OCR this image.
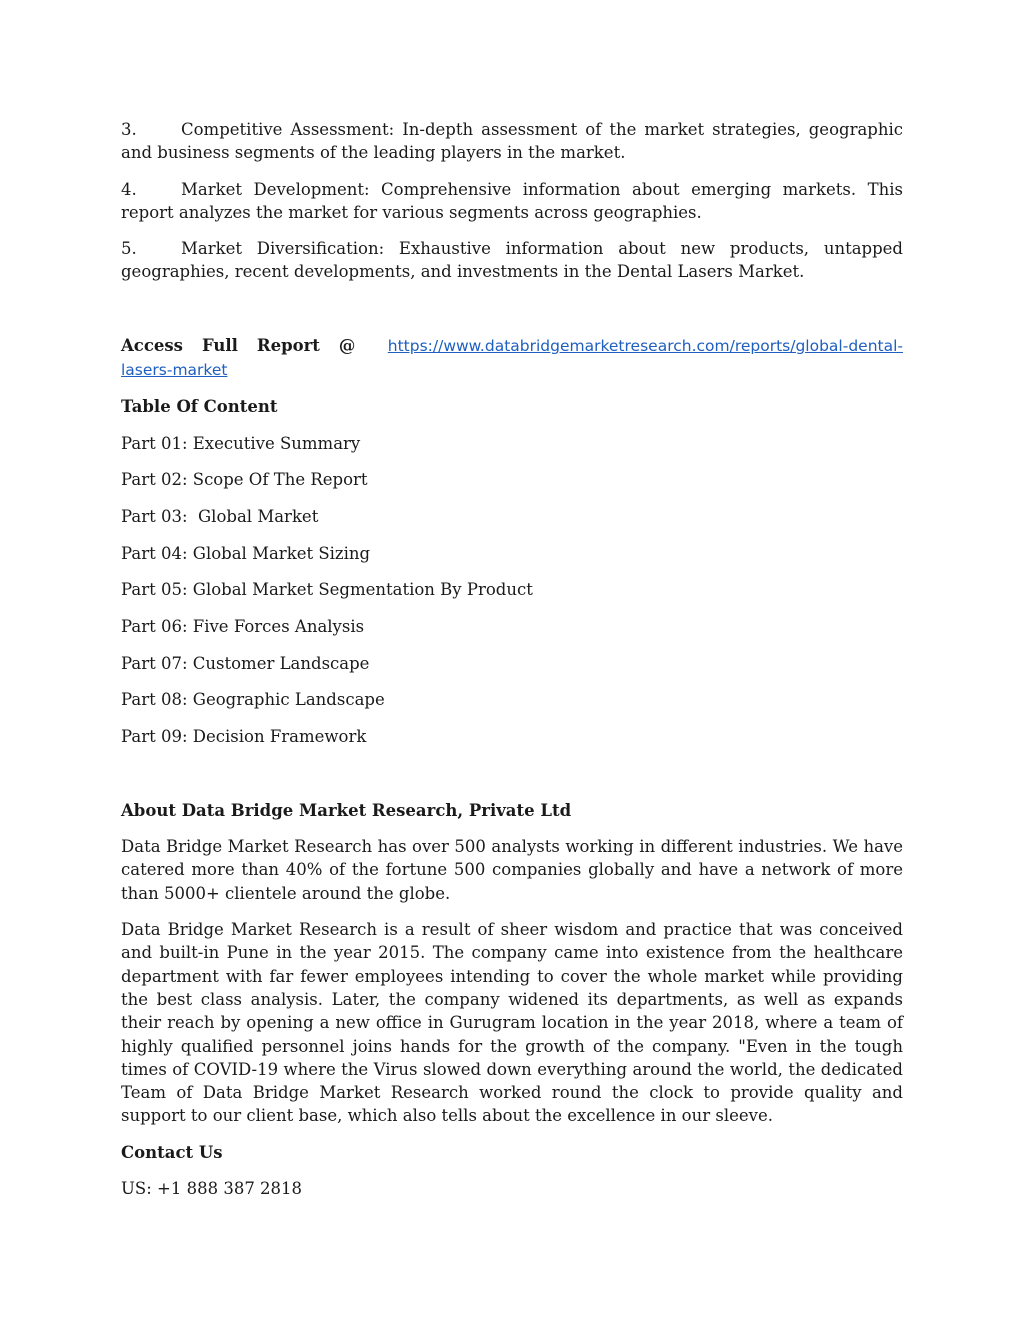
3.	Competitive Assessment: In-depth assessment of the market strategies, geographic and business segments of the leading players in the market.

4.	Market Development: Comprehensive information about emerging markets. This report analyzes the market for various segments across geographies.

5.	Market Diversification: Exhaustive information about new products, untapped geographies, recent developments, and investments in the Dental Lasers Market.

Access Full Report @ https://www.databridgemarketresearch.com/reports/global-dental-lasers-market

Table Of Content

Part 01: Executive Summary

Part 02: Scope Of The Report

Part 03:  Global Market

Part 04: Global Market Sizing

Part 05: Global Market Segmentation By Product

Part 06: Five Forces Analysis

Part 07: Customer Landscape

Part 08: Geographic Landscape

Part 09: Decision Framework

About Data Bridge Market Research, Private Ltd

Data Bridge Market Research has over 500 analysts working in different industries. We have catered more than 40% of the fortune 500 companies globally and have a network of more than 5000+ clientele around the globe.

Data Bridge Market Research is a result of sheer wisdom and practice that was conceived and built-in Pune in the year 2015. The company came into existence from the healthcare department with far fewer employees intending to cover the whole market while providing the best class analysis. Later, the company widened its departments, as well as expands their reach by opening a new office in Gurugram location in the year 2018, where a team of highly qualified personnel joins hands for the growth of the company. "Even in the tough times of COVID-19 where the Virus slowed down everything around the world, the dedicated Team of Data Bridge Market Research worked round the clock to provide quality and support to our client base, which also tells about the excellence in our sleeve.

Contact Us

US: +1 888 387 2818
